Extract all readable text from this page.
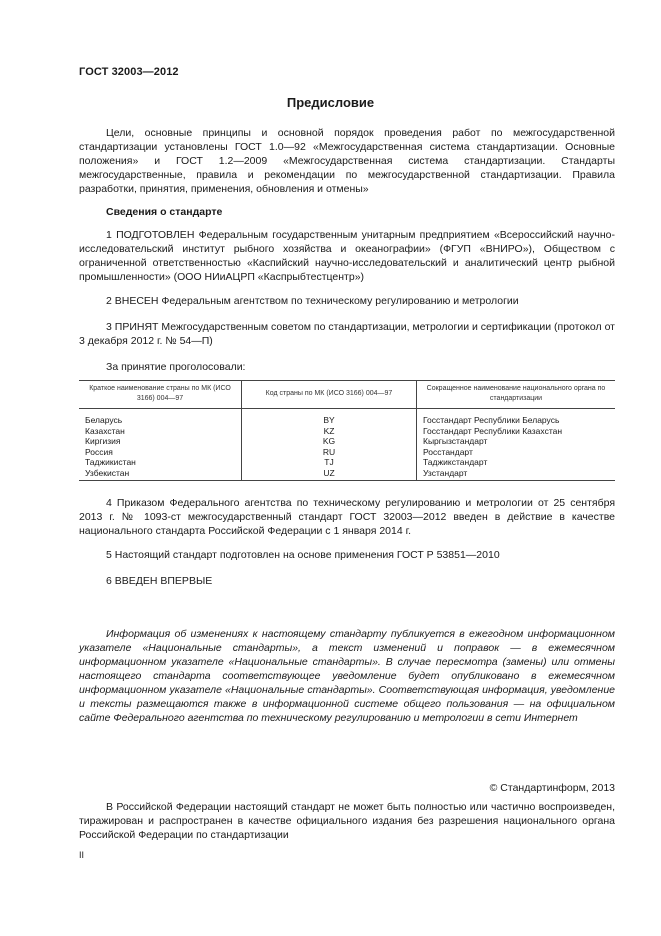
ГОСТ 32003—2012
Предисловие
Цели, основные принципы и основной порядок проведения работ по межгосударственной стандартизации установлены ГОСТ 1.0—92 «Межгосударственная система стандартизации. Основные положения» и ГОСТ 1.2—2009 «Межгосударственная система стандартизации. Стандарты межгосударственные, правила и рекомендации по межгосударственной стандартизации. Правила разработки, принятия, применения, обновления и отмены»
Сведения о стандарте
1 ПОДГОТОВЛЕН Федеральным государственным унитарным предприятием «Всероссийский научно-исследовательский институт рыбного хозяйства и океанографии» (ФГУП «ВНИРО»), Обществом с ограниченной ответственностью «Каспийский научно-исследовательский и аналитический центр рыбной промышленности» (ООО НИиАЦРП «Каспрыбтестцентр»)
2 ВНЕСЕН Федеральным агентством по техническому регулированию и метрологии
3 ПРИНЯТ Межгосударственным советом по стандартизации, метрологии и сертификации (протокол от 3 декабря 2012 г. № 54—П)
За принятие проголосовали:
Краткое наименование страны по МК (ИСО 3166) 004—97	Код страны по МК (ИСО 3166) 004—97	Сокращенное наименование национального органа по стандартизации
Беларусь	BY	Госстандарт Республики Беларусь
Казахстан	KZ	Госстандарт Республики Казахстан
Киргизия	KG	Кыргызстандарт
Россия	RU	Росстандарт
Таджикистан	TJ	Таджикстандарт
Узбекистан	UZ	Узстандарт
4 Приказом Федерального агентства по техническому регулированию и метрологии от 25 сентября 2013 г. № 1093-ст межгосударственный стандарт ГОСТ 32003—2012 введен в действие в качестве национального стандарта Российской Федерации с 1 января 2014 г.
5 Настоящий стандарт подготовлен на основе применения ГОСТ Р 53851—2010
6 ВВЕДЕН ВПЕРВЫЕ
Информация об изменениях к настоящему стандарту публикуется в ежегодном информационном указателе «Национальные стандарты», а текст изменений и поправок — в ежемесячном информационном указателе «Национальные стандарты». В случае пересмотра (замены) или отмены настоящего стандарта соответствующее уведомление будет опубликовано в ежемесячном информационном указателе «Национальные стандарты». Соответствующая информация, уведомление и тексты размещаются также в информационной системе общего пользования — на официальном сайте Федерального агентства по техническому регулированию и метрологии в сети Интернет
© Стандартинформ, 2013
В Российской Федерации настоящий стандарт не может быть полностью или частично воспроизведен, тиражирован и распространен в качестве официального издания без разрешения национального органа Российской Федерации по стандартизации
II
